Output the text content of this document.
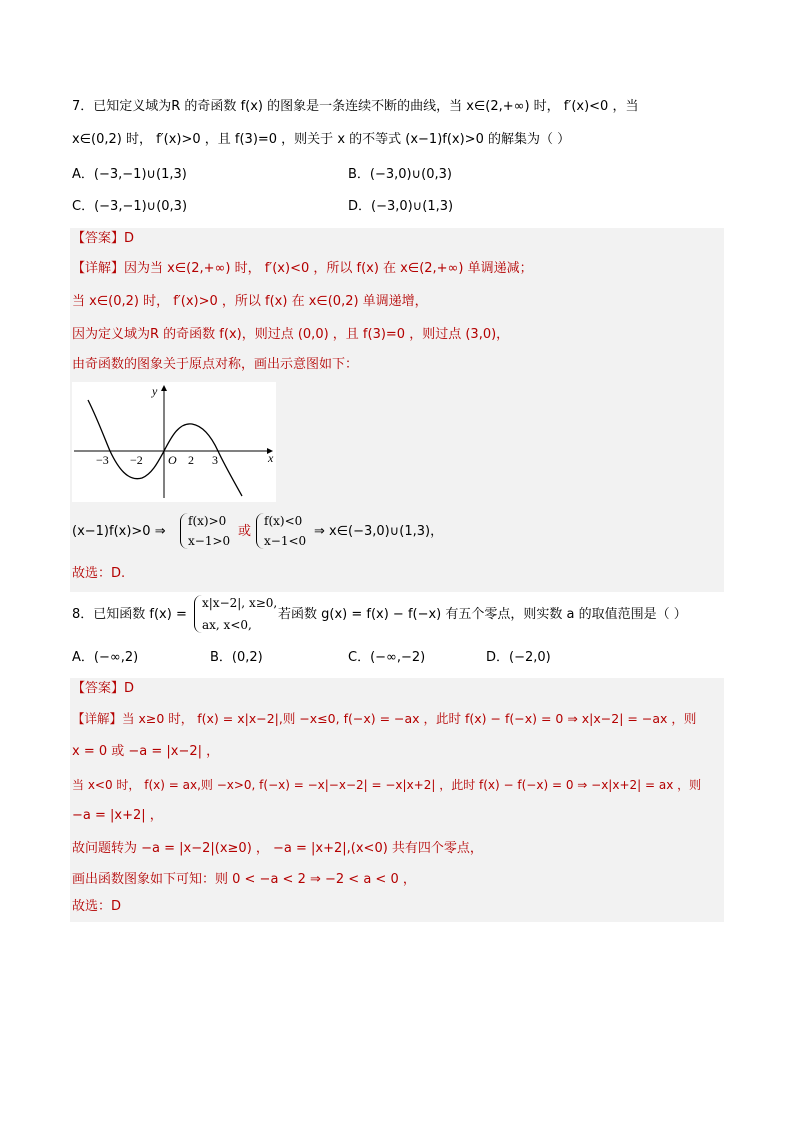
7．已知定义域为R 的奇函数 f(x) 的图象是一条连续不断的曲线，当 x∈(2,+∞) 时， f′(x)<0 ，当
x∈(0,2) 时， f′(x)>0 ，且 f(3)=0 ，则关于 x 的不等式 (x−1)f(x)>0 的解集为（ ）
A．(−3,−1)∪(1,3)	B．(−3,0)∪(0,3)
C．(−3,−1)∪(0,3)	D．(−3,0)∪(1,3)
【答案】D
【详解】因为当 x∈(2,+∞) 时， f′(x)<0 ，所以 f(x) 在 x∈(2,+∞) 单调递减；
当 x∈(0,2) 时， f′(x)>0 ，所以 f(x) 在 x∈(0,2) 单调递增，
因为定义域为R 的奇函数 f(x)，则过点 (0,0) ，且 f(3)=0 ，则过点 (3,0)，
由奇函数的图象关于原点对称，画出示意图如下：
y
x
O
−3 −2	2 3
(x−1)f(x)>0 ⇒
f(x)>0
x−1>0
或
f(x)<0
x−1<0
⇒ x∈(−3,0)∪(1,3)，
故选：D.
8．已知函数 f(x) =
x|x−2|, x≥0,
ax, x<0,
若函数 g(x) = f(x) − f(−x) 有五个零点，则实数 a 的取值范围是（ ）
A．(−∞,2)	B．(0,2)	C．(−∞,−2)	D．(−2,0)
【答案】D
【详解】当 x≥0 时， f(x) = x|x−2|,则 −x≤0, f(−x) = −ax ，此时 f(x) − f(−x) = 0 ⇒ x|x−2| = −ax ，则
x = 0 或 −a = |x−2| ，
当 x<0 时， f(x) = ax,则 −x>0, f(−x) = −x|−x−2| = −x|x+2| ，此时 f(x) − f(−x) = 0 ⇒ −x|x+2| = ax ，则
−a = |x+2| ，
故问题转为 −a = |x−2|(x≥0) ， −a = |x+2|,(x<0) 共有四个零点，
画出函数图象如下可知：则 0 < −a < 2 ⇒ −2 < a < 0 ，
故选：D
